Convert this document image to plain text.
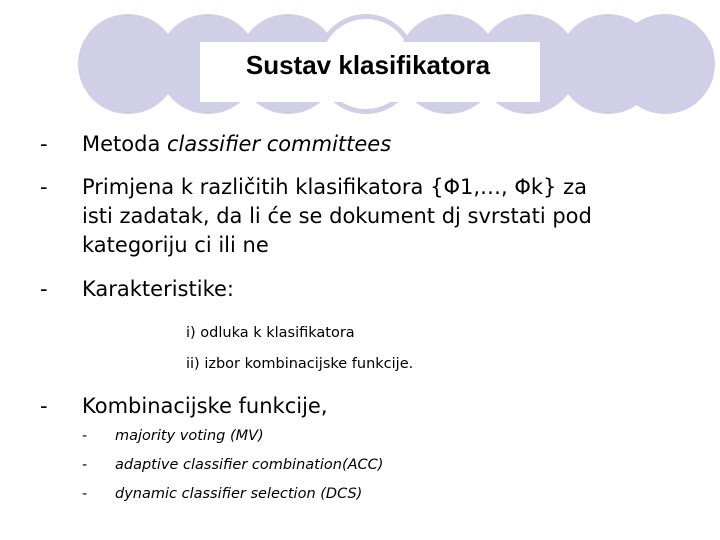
Sustav klasifikatora
- Metoda classifier committees
- Primjena k različitih klasifikatora {Φ1,…, Φk} za
isti zadatak, da li će se dokument dj svrstati pod
kategoriju ci ili ne
- Karakteristike:
i) odluka k klasifikatora
ii) izbor kombinacijske funkcije.
- Kombinacijske funkcije,
- majority voting (MV)
- adaptive classifier combination(ACC)
- dynamic classifier selection (DCS)
